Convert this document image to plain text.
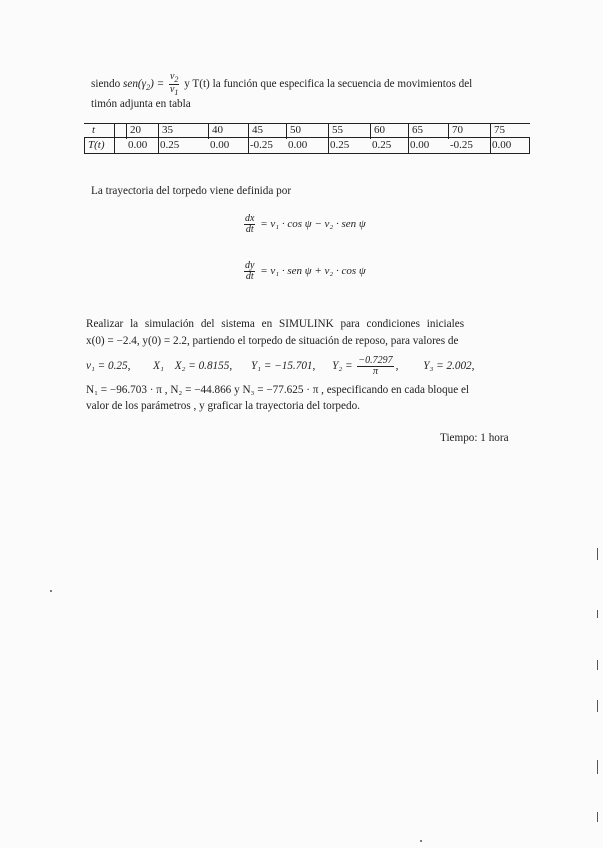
siendo $sen(\gamma_2) = \frac{v_2}{v_1}$ y T(t) la función que especifica la secuencia de movimientos del
timón adjunta en tabla
t
T(t)
20
0.00
35
0.25
40
0.00
45
-0.25
50
0.00
55
0.25
60
0.25
65
0.00
70
-0.25
75
0.00
La trayectoria del torpedo viene definida por
$\frac{dx}{dt} = v_1 \cdot \cos \psi - v_2$ · sen ψ
$\frac{dy}{dt} = v_1$ · sen ψ + v₂ · cos ψ
Realizar la simulación del sistema en SIMULINK para condiciones iniciales
x(0) = −2.4, y(0) = 2.2, partiendo el torpedo de situación de reposo, para valores de
v₁ = 0.25, X₁ X₂ = 0.8155, Y₁ = −15.701, $Y_2 = \frac{-0.7297}{\pi}$ , Y₃ = 2.002,
N₁ = −96.703 · π , N₂ = −44.866 y N₃ = −77.625 · π , especificando en cada bloque el
valor de los parámetros , y graficar la trayectoria del torpedo.
Tiempo: 1 hora
